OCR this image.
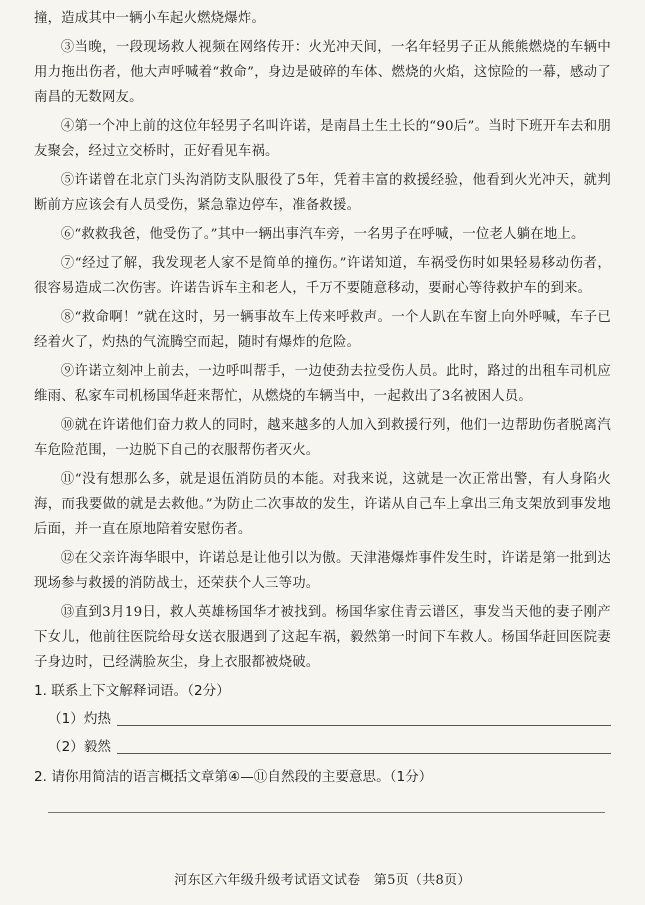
撞，造成其中一辆小车起火燃烧爆炸。

③当晚，一段现场救人视频在网络传开：火光冲天间，一名年轻男子正从熊熊燃烧的车辆中用力拖出伤者，他大声呼喊着“救命”，身边是破碎的车体、燃烧的火焰，这惊险的一幕，感动了南昌的无数网友。

④第一个冲上前的这位年轻男子名叫许诺，是南昌土生土长的“90后”。当时下班开车去和朋友聚会，经过立交桥时，正好看见车祸。

⑤许诺曾在北京门头沟消防支队服役了5年，凭着丰富的救援经验，他看到火光冲天，就判断前方应该会有人员受伤，紧急靠边停车，准备救援。

⑥“救救我爸，他受伤了。”其中一辆出事汽车旁，一名男子在呼喊，一位老人躺在地上。

⑦“经过了解，我发现老人家不是简单的撞伤。”许诺知道，车祸受伤时如果轻易移动伤者，很容易造成二次伤害。许诺告诉车主和老人，千万不要随意移动，要耐心等待救护车的到来。

⑧“救命啊！”就在这时，另一辆事故车上传来呼救声。一个人趴在车窗上向外呼喊，车子已经着火了，灼热的气流腾空而起，随时有爆炸的危险。

⑨许诺立刻冲上前去，一边呼叫帮手，一边使劲去拉受伤人员。此时，路过的出租车司机应维雨、私家车司机杨国华赶来帮忙，从燃烧的车辆当中，一起救出了3名被困人员。

⑩就在许诺他们奋力救人的同时，越来越多的人加入到救援行列，他们一边帮助伤者脱离汽车危险范围，一边脱下自己的衣服帮伤者灭火。

⑪“没有想那么多，就是退伍消防员的本能。对我来说，这就是一次正常出警，有人身陷火海，而我要做的就是去救他。”为防止二次事故的发生，许诺从自己车上拿出三角支架放到事发地后面，并一直在原地陪着安慰伤者。

⑫在父亲许海华眼中，许诺总是让他引以为傲。天津港爆炸事件发生时，许诺是第一批到达现场参与救援的消防战士，还荣获个人三等功。

⑬直到3月19日，救人英雄杨国华才被找到。杨国华家住青云谱区，事发当天他的妻子刚产下女儿，他前往医院给母女送衣服遇到了这起车祸，毅然第一时间下车救人。杨国华赶回医院妻子身边时，已经满脸灰尘，身上衣服都被烧破。

1. 联系上下文解释词语。（2分）

（1）灼热
（2）毅然

2. 请你用简洁的语言概括文章第④—⑪自然段的主要意思。（1分）

河东区六年级升级考试语文试卷　第5页（共8页）
